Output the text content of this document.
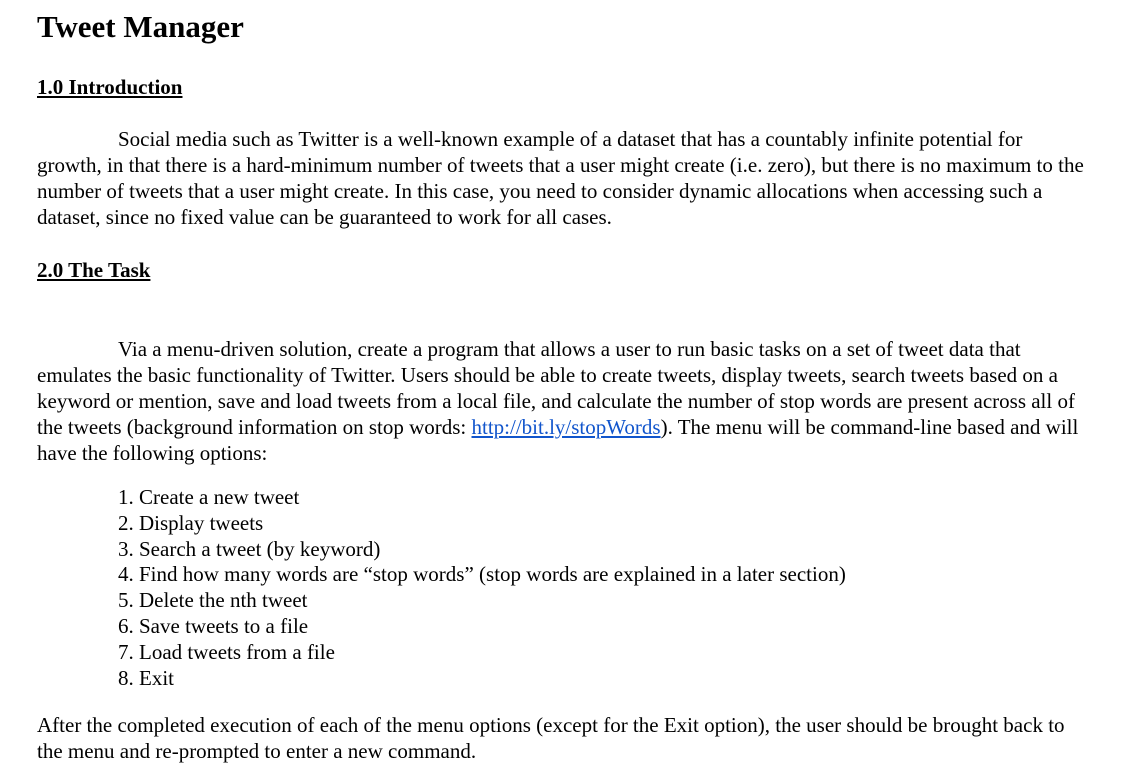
Tweet Manager
1.0 Introduction

Social media such as Twitter is a well-known example of a dataset that has a countably infinite potential for growth, in that there is a hard-minimum number of tweets that a user might create (i.e. zero), but there is no maximum to the number of tweets that a user might create. In this case, you need to consider dynamic allocations when accessing such a dataset, since no fixed value can be guaranteed to work for all cases.

2.0 The Task

Via a menu-driven solution, create a program that allows a user to run basic tasks on a set of tweet data that emulates the basic functionality of Twitter. Users should be able to create tweets, display tweets, search tweets based on a keyword or mention, save and load tweets from a local file, and calculate the number of stop words are present across all of the tweets (background information on stop words: http://bit.ly/stopWords). The menu will be command-line based and will have the following options:

1. Create a new tweet
2. Display tweets
3. Search a tweet (by keyword)
4. Find how many words are “stop words” (stop words are explained in a later section)
5. Delete the nth tweet
6. Save tweets to a file
7. Load tweets from a file
8. Exit

After the completed execution of each of the menu options (except for the Exit option), the user should be brought back to the menu and re-prompted to enter a new command.
